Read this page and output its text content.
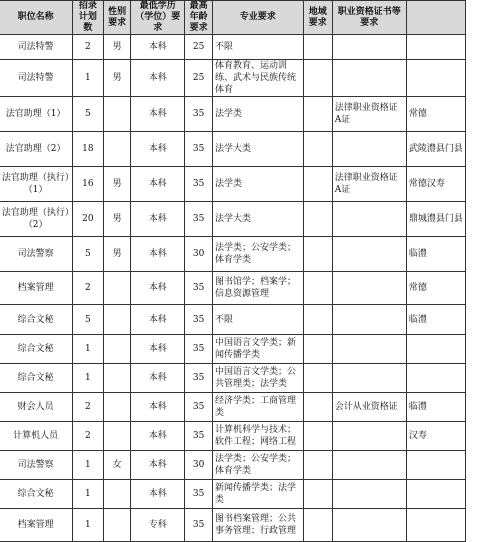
	职位名称	招录计划数	性别要求	最低学历（学位）要求	最高年龄要求	专业要求	地域要求	职业资格证书等要求	
	司法特警	2	男	本科	25	不限			
	司法特警	1	男	本科	25	体育教育、运动训练、武术与民族传统体育			
	法官助理（1）	5		本科	35	法学类		法律职业资格证A证	常德
	法官助理（2）	18		本科	35	法学大类			武陵澧县门县
	法官助理（执行）（1）	16	男	本科	35	法学类		法律职业资格证A证	常德汉寿
	法官助理（执行）（2）	20	男	本科	35	法学大类			鼎城澧县门县
	司法警察	5	男	本科	30	法学类；公安学类；体育学类			临澧
	档案管理	2		本科	35	图书馆学；档案学；信息资源管理			常德
	综合文秘	5		本科	35	不限			临澧
	综合文秘	1		本科	35	中国语言文学类；新闻传播学类			
	综合文秘	1		本科	35	中国语言文学类；公共管理类；法学类			
	财会人员	2		本科	35	经济学类；工商管理类		会计从业资格证	临澧
	计算机人员	2		本科	35	计算机科学与技术；软件工程；网络工程			汉寿
	司法警察	1	女	本科	30	法学类；公安学类；体育学类			
	综合文秘	1		本科	35	新闻传播学类；法学类			
	档案管理	1		专科	35	图书档案管理；公共事务管理；行政管理			
